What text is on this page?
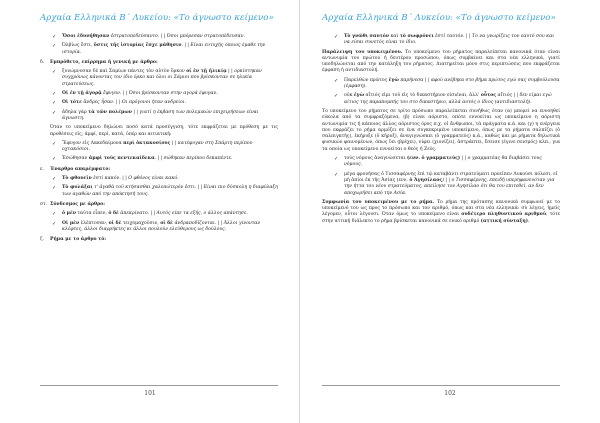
Αρχαία Ελληνικά Β΄ Λυκείου: «Το άγνωστο κείμενο»
✓ Ὅσοι ἐδυνήθησαν ἐστρατοπεδεύσαντο. | | Όσοι μπόρεσαν στρατοπέδευσαν.
✓ Ὀλβίως ἔστι, ὅστις τῆς ἱστορίας ἔσχε μάθησιν. | | Είναι ευτυχής όποιος έμαθε την ιστορία.
δ. Εμπρόθετο, επίρρημα ή γενική με άρθρο:
✓ ξυνώμνυσαν δὲ καὶ Σαμίων πάντες τὸν αὐτὸν ὅρκον οἱ ἐν τῇ ἡλικίᾳ | | ορκίστηκαν συγχρόνως κάνοντας τον ίδιο όρκο και όλοι οι Σάμιοι που βρίσκονταν σε ηλικία στρατεύσεως.
✓ Οἱ ἐν τῇ ἀγορᾷ ἔφυγον. | | Όσοι βρίσκονταν στην αγορά έφυγαν.
✓ Οἱ τότε ἄνδρεϛ ἦσαν. | | Οι πρόγονοι ήταν ανδρείοι.
✓ ἀδηλα γὰρ τὰ τῶν πολέμων | | γιατί η έκβαση των πολεμικών επιχειρήσεων είναι άγνωστη.
Όταν το υποκείμενο δηλώνει ποσό κατά προσέγγιση, τότε εκφράζεται με πρόθεση με τις προθέσεις εἰς, ἀμφί, περί, κατά, ὑπέρ και αιτιατική:
✓ Ἔφυγον εἰς Λακεδαίμονα περὶ ὀκτακοσίους | | κατέφυγαν στη Σπάρτη περίπου οχτακόσιοι.
✓ Ἐσώθησαν ἀμφὶ τοὺς πεντεκαίδεκα. | | σώθηκαν περίπου δεκαπέντε.
ε. Έναρθρο απαρέμφατο:
✓ Τὸ φθονεῖν ἐστὶ κακόν. | | Ο φθόνος είναι κακό.
✓ Τὸ φυλάξαι τ' ἀγαθὰ τοῦ κτήσασθαι χαλεπώτερόν ἐστι. | | Είναι πιο δύσκολη η διαφύλαξη των αγαθών από την απόκτησή τους.
στ. Σύνδεσμος με άρθρο:
✓ ὁ μὲν ταῦτα εἶπεν, ὁ δὲ ἀπεκρίνατο. | | Αυτός είπε τα εξής, ο άλλος απάντησε.
✓ Οἱ μὲν ἐλέπτοσαν, οἱ δὲ τειχομαχοῦσιν, οἱ δὲ ἀνδραποδίζονται. | | Άλλοι γίνονταν κλέφτες, άλλοι διαρρήκτες κι άλλοι πουλούν ελεύθερους ως δούλους.
ζ. Ρήμα με το άρθρο τό:
101
Αρχαία Ελληνικά Β΄ Λυκείου: «Το άγνωστο κείμενο»
✓ Τὸ γνῶθι σαυτόν καὶ τὸ σωφρόνει ἐστὶ ταυτόν. | | Το να γνωρίζεις τον εαυτό σου και να είσαι συνετός είναι το ίδιο.
Παράλειψη του υποκειμένου. Το υποκείμενο του ρήματος παραλείπεται κανονικά όταν είναι αντωνυμία του πρώτου ή δευτέρου προσώπου, όπως συμβαίνει και στα νέα ελληνικά, γιατί υποδηλώνεται από την κατάληξη του ρήματος. Διατηρείται μόνο στις περιπτώσεις που εκφράζεται έμφαση ή αντιδιαστολή.
✓ Παρελθὼν πρῶτος ἐγὼ παρήνεσα | | αφού ανέβηκα στο βήμα πρώτος εγώ σας συμβούλευσα (έμφαση).
✓ οὐκ ἐγὼ αἴτιός εἰμι τοῦ εἰς τὸ δικαστήριον εἰσιέναι, ἀλλ' οὗτος αἴτιός | | δεν είμαι εγώ αίτιος της παραπομπής του στο δικαστήριο, αλλά αυτός ο ίδιος (αντιδιαστολή).
Το υποκείμενο του ρήματος σε τρίτο πρόσωπο παραλείπεται συνήθως όταν (α) μπορεί να εννοηθεί εύκολα από τα συμφραζόμενα, (β) είναι αόριστο, οπότε εννοείται ως υποκείμενο η αόριστη αντωνυμία τις ή κάποιος άλλος αόριστος όρος π.χ. οἱ ἄνθρωποι, τὰ πράγματα κ.ά. και (γ) η ενέργεια που εκφράζει το ρήμα αρμόζει σε ένα συγκεκριμένο υποκείμενο, όπως με τα ρήματα σαλπίζει (ὁ σαλπιγκτής), ἐκήρυξε (ὁ κῆρυξ), ἀναγιγνώσκει (ὁ γραμματεύς) κ.ά., καθώς και με ρήματα δηλωτικά φυσικών φαινομένων, όπως ὕει (βρέχει), νίφει (χιονίζει), ἀστράπτει, ἔσεισε (έγινε σεισμός) κλπ., για τα οποία ως υποκείμενο εννοείται ο θεός ή Ζεύς.
✓ τοὺς νόμους ἀναγνώσεται (ενν. ὁ γραμματεύς) | | ο γραμματέας θα διαβάσει τους νόμους.
✓ μέγα φρονήσας ὁ Τισσαφέρνης ἐπὶ τῷ καταβάντι στρατεύματι προεῖπεν Λυκούσι πόλεσι, εἰ μὴ ἀπίοι ἐκ τῆς Ἀσίας (ενν. ὁ Ἀγησίλαος) | | ο Τισσαφέρνης, επειδή υπερηφανευόταν για την ήττα του νέου στρατεύματος, απείλησε τον Αγησίλαο ότι θα του επιτεθεί, αν δεν αποχωρήσει από την Ασία.
Συμφωνία του υποκειμένου με το ρήμα. Το ρήμα της πρότασης κανονικά συμφωνεί με το υποκείμενό του ως προς το πρόσωπο και τον αριθμό, όπως και στα νέα ελληνικά: σὺ λέγεις, ἡμεῖς λέγομεν, οὗτοι λέγουσι. Όταν όμως το υποκείμενο είναι ουδέτερο πληθυντικού αριθμού, τότε στην αττική διάλεκτο το ρήμα βρίσκεται κανονικά σε ενικό αριθμό (αττική σύνταξη).
102
